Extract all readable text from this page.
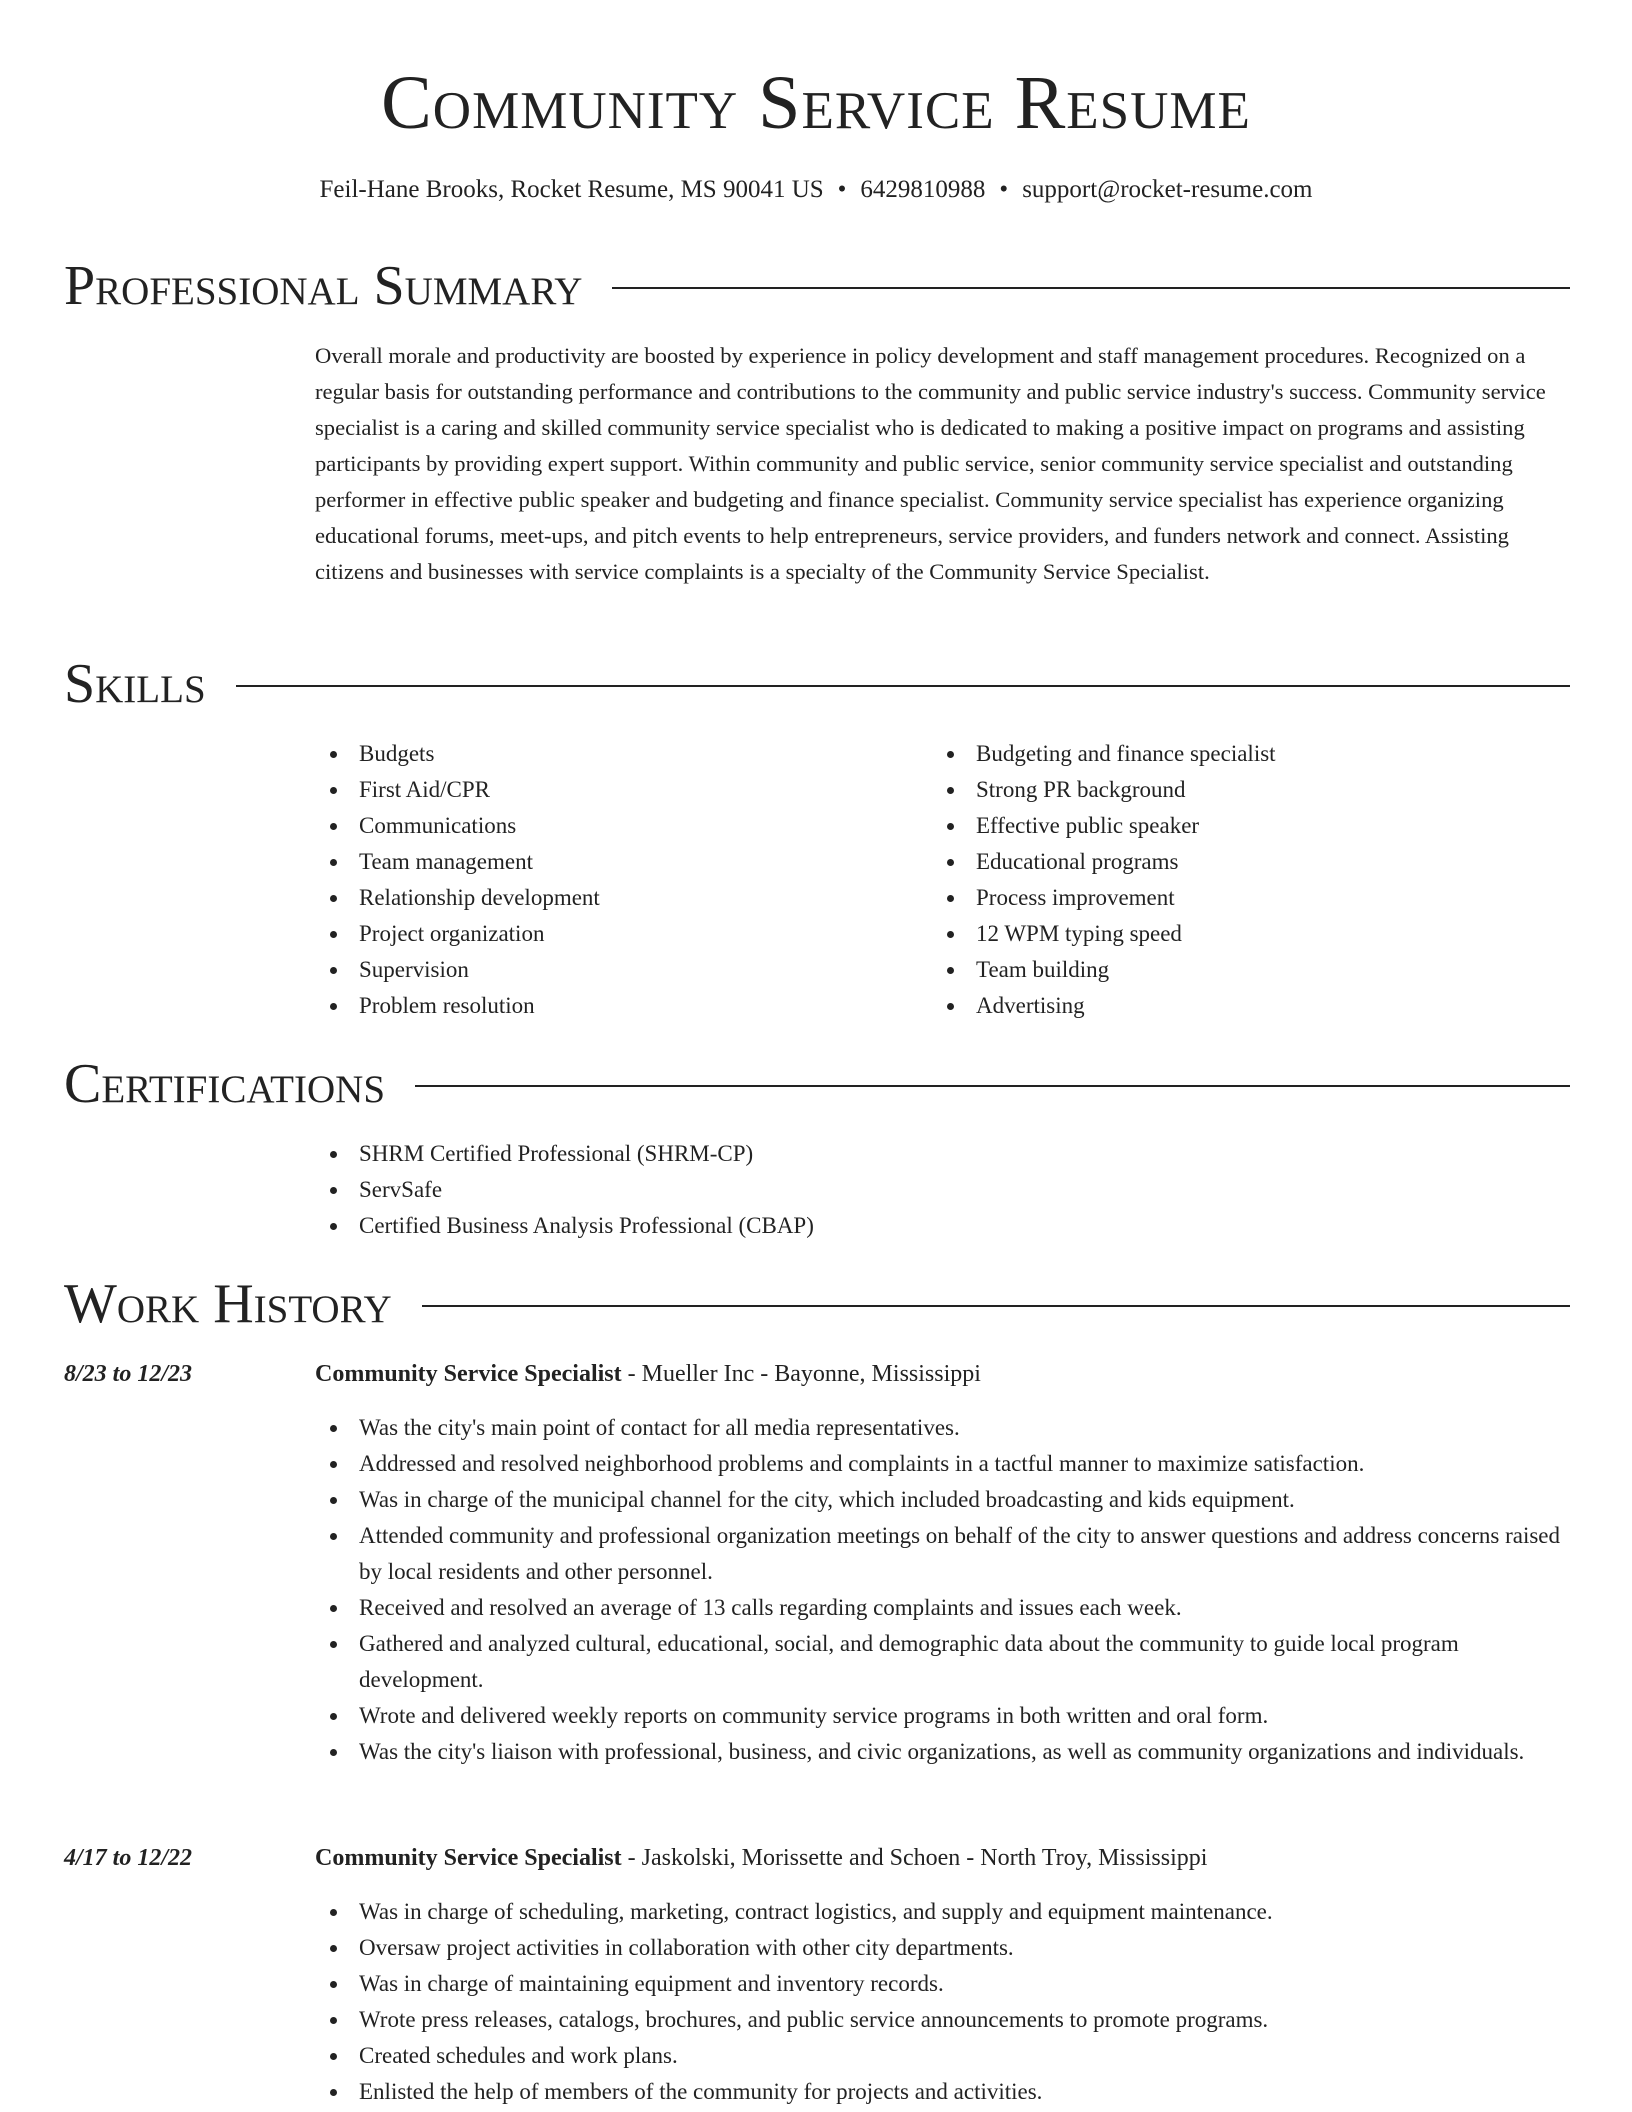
Community Service Resume
Feil-Hane Brooks, Rocket Resume, MS 90041 US • 6429810988 • support@rocket-resume.com
Professional Summary
Overall morale and productivity are boosted by experience in policy development and staff management procedures. Recognized on a regular basis for outstanding performance and contributions to the community and public service industry's success. Community service specialist is a caring and skilled community service specialist who is dedicated to making a positive impact on programs and assisting participants by providing expert support. Within community and public service, senior community service specialist and outstanding performer in effective public speaker and budgeting and finance specialist. Community service specialist has experience organizing educational forums, meet-ups, and pitch events to help entrepreneurs, service providers, and funders network and connect. Assisting citizens and businesses with service complaints is a specialty of the Community Service Specialist.
Skills
Budgets
First Aid/CPR
Communications
Team management
Relationship development
Project organization
Supervision
Problem resolution
Budgeting and finance specialist
Strong PR background
Effective public speaker
Educational programs
Process improvement
12 WPM typing speed
Team building
Advertising
Certifications
SHRM Certified Professional (SHRM-CP)
ServSafe
Certified Business Analysis Professional (CBAP)
Work History
8/23 to 12/23	Community Service Specialist - Mueller Inc - Bayonne, Mississippi
Was the city's main point of contact for all media representatives.
Addressed and resolved neighborhood problems and complaints in a tactful manner to maximize satisfaction.
Was in charge of the municipal channel for the city, which included broadcasting and kids equipment.
Attended community and professional organization meetings on behalf of the city to answer questions and address concerns raised by local residents and other personnel.
Received and resolved an average of 13 calls regarding complaints and issues each week.
Gathered and analyzed cultural, educational, social, and demographic data about the community to guide local program development.
Wrote and delivered weekly reports on community service programs in both written and oral form.
Was the city's liaison with professional, business, and civic organizations, as well as community organizations and individuals.
4/17 to 12/22	Community Service Specialist - Jaskolski, Morissette and Schoen - North Troy, Mississippi
Was in charge of scheduling, marketing, contract logistics, and supply and equipment maintenance.
Oversaw project activities in collaboration with other city departments.
Was in charge of maintaining equipment and inventory records.
Wrote press releases, catalogs, brochures, and public service announcements to promote programs.
Created schedules and work plans.
Enlisted the help of members of the community for projects and activities.
